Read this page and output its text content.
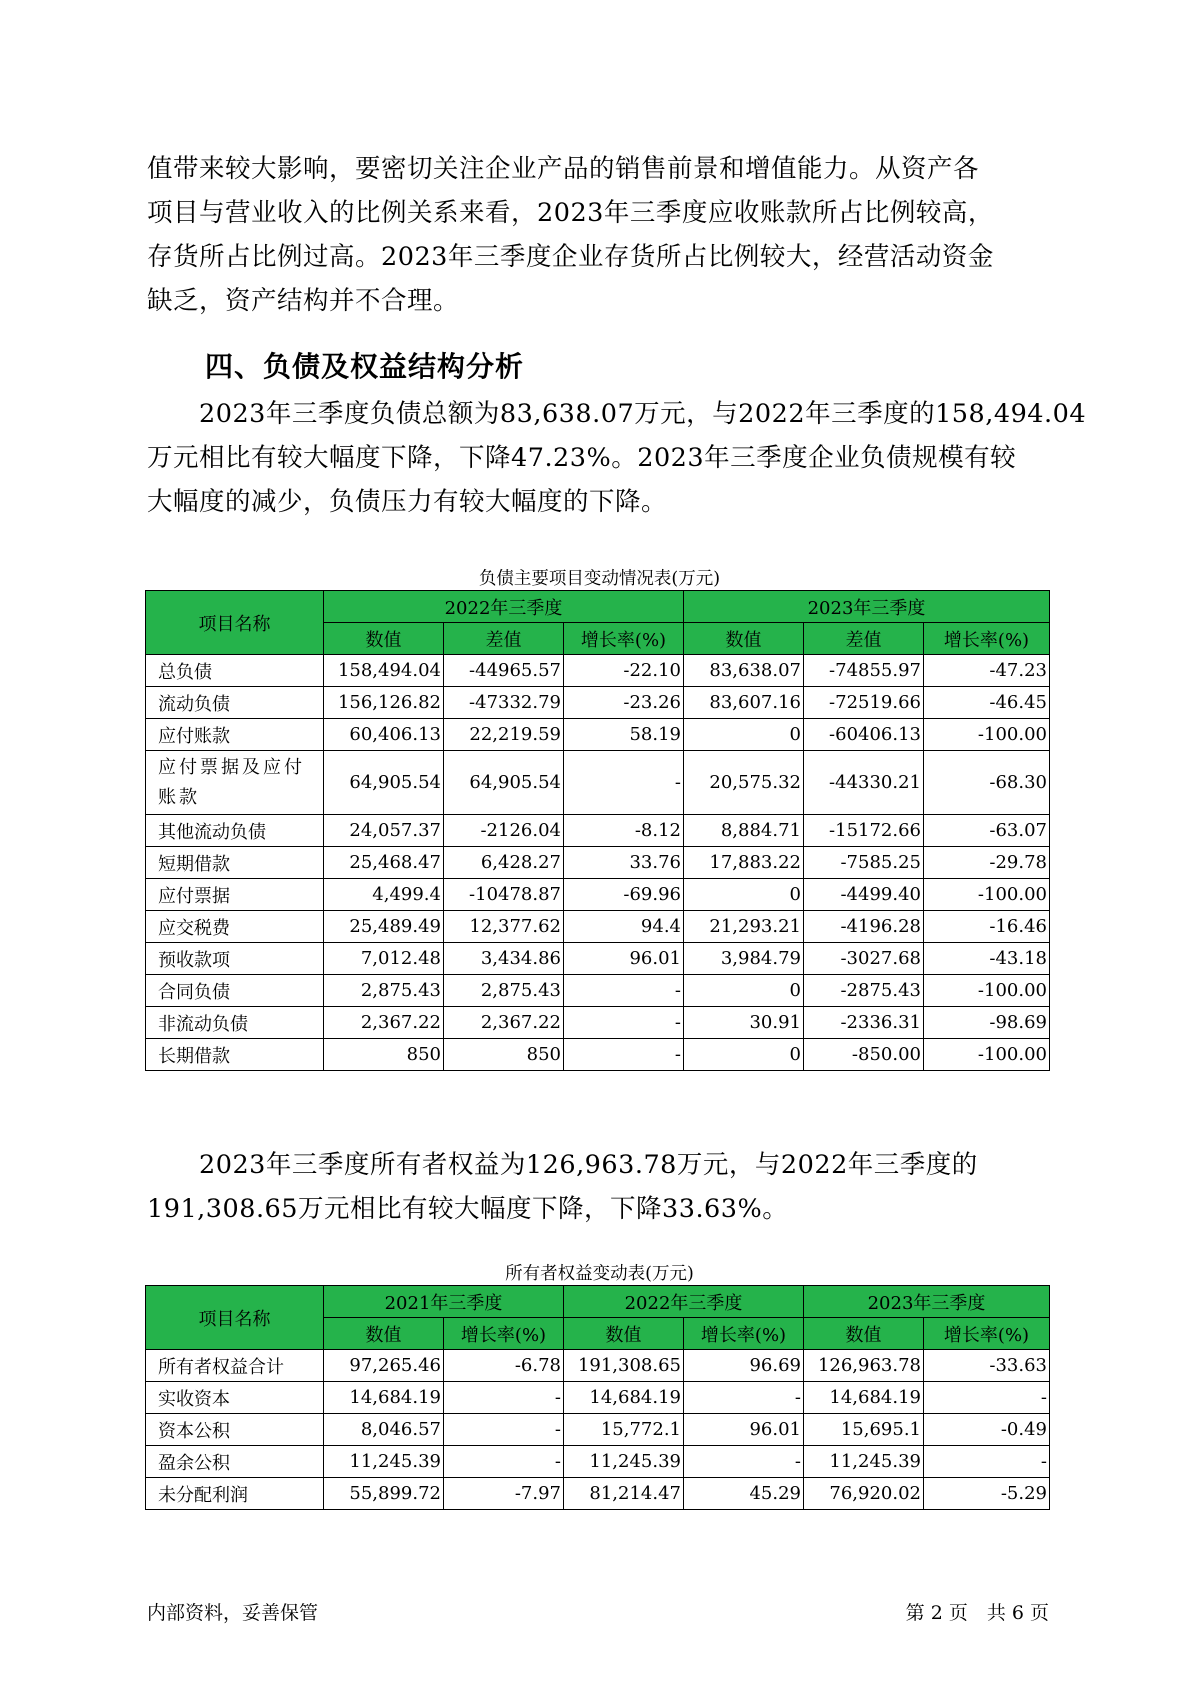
值带来较大影响，要密切关注企业产品的销售前景和增值能力。从资产各

项目与营业收入的比例关系来看，2023年三季度应收账款所占比例较高，

存货所占比例过高。2023年三季度企业存货所占比例较大，经营活动资金

缺乏，资产结构并不合理。

四、负债及权益结构分析

　　2023年三季度负债总额为83,638.07万元，与2022年三季度的158,494.04

万元相比有较大幅度下降，下降47.23%。2023年三季度企业负债规模有较

大幅度的减少，负债压力有较大幅度的下降。

负债主要项目变动情况表(万元)
项目名称	2022年三季度			2023年三季度		
	数值	差值	增长率(%)	数值	差值	增长率(%)
总负债	158,494.04	-44965.57	-22.10	83,638.07	-74855.97	-47.23
流动负债	156,126.82	-47332.79	-23.26	83,607.16	-72519.66	-46.45
应付账款	60,406.13	22,219.59	58.19	0	-60406.13	-100.00
应付票据及应付账款	64,905.54	64,905.54	-	20,575.32	-44330.21	-68.30
其他流动负债	24,057.37	-2126.04	-8.12	8,884.71	-15172.66	-63.07
短期借款	25,468.47	6,428.27	33.76	17,883.22	-7585.25	-29.78
应付票据	4,499.4	-10478.87	-69.96	0	-4499.40	-100.00
应交税费	25,489.49	12,377.62	94.4	21,293.21	-4196.28	-16.46
预收款项	7,012.48	3,434.86	96.01	3,984.79	-3027.68	-43.18
合同负债	2,875.43	2,875.43	-	0	-2875.43	-100.00
非流动负债	2,367.22	2,367.22	-	30.91	-2336.31	-98.69
长期借款	850	850	-	0	-850.00	-100.00

　　2023年三季度所有者权益为126,963.78万元，与2022年三季度的

191,308.65万元相比有较大幅度下降，下降33.63%。

所有者权益变动表(万元)
项目名称	2021年三季度		2022年三季度		2023年三季度	
	数值	增长率(%)	数值	增长率(%)	数值	增长率(%)
所有者权益合计	97,265.46	-6.78	191,308.65	96.69	126,963.78	-33.63
实收资本	14,684.19	-	14,684.19	-	14,684.19	-
资本公积	8,046.57	-	15,772.1	96.01	15,695.1	-0.49
盈余公积	11,245.39	-	11,245.39	-	11,245.39	-
未分配利润	55,899.72	-7.97	81,214.47	45.29	76,920.02	-5.29
内部资料，妥善保管	第 2 页　共 6 页
